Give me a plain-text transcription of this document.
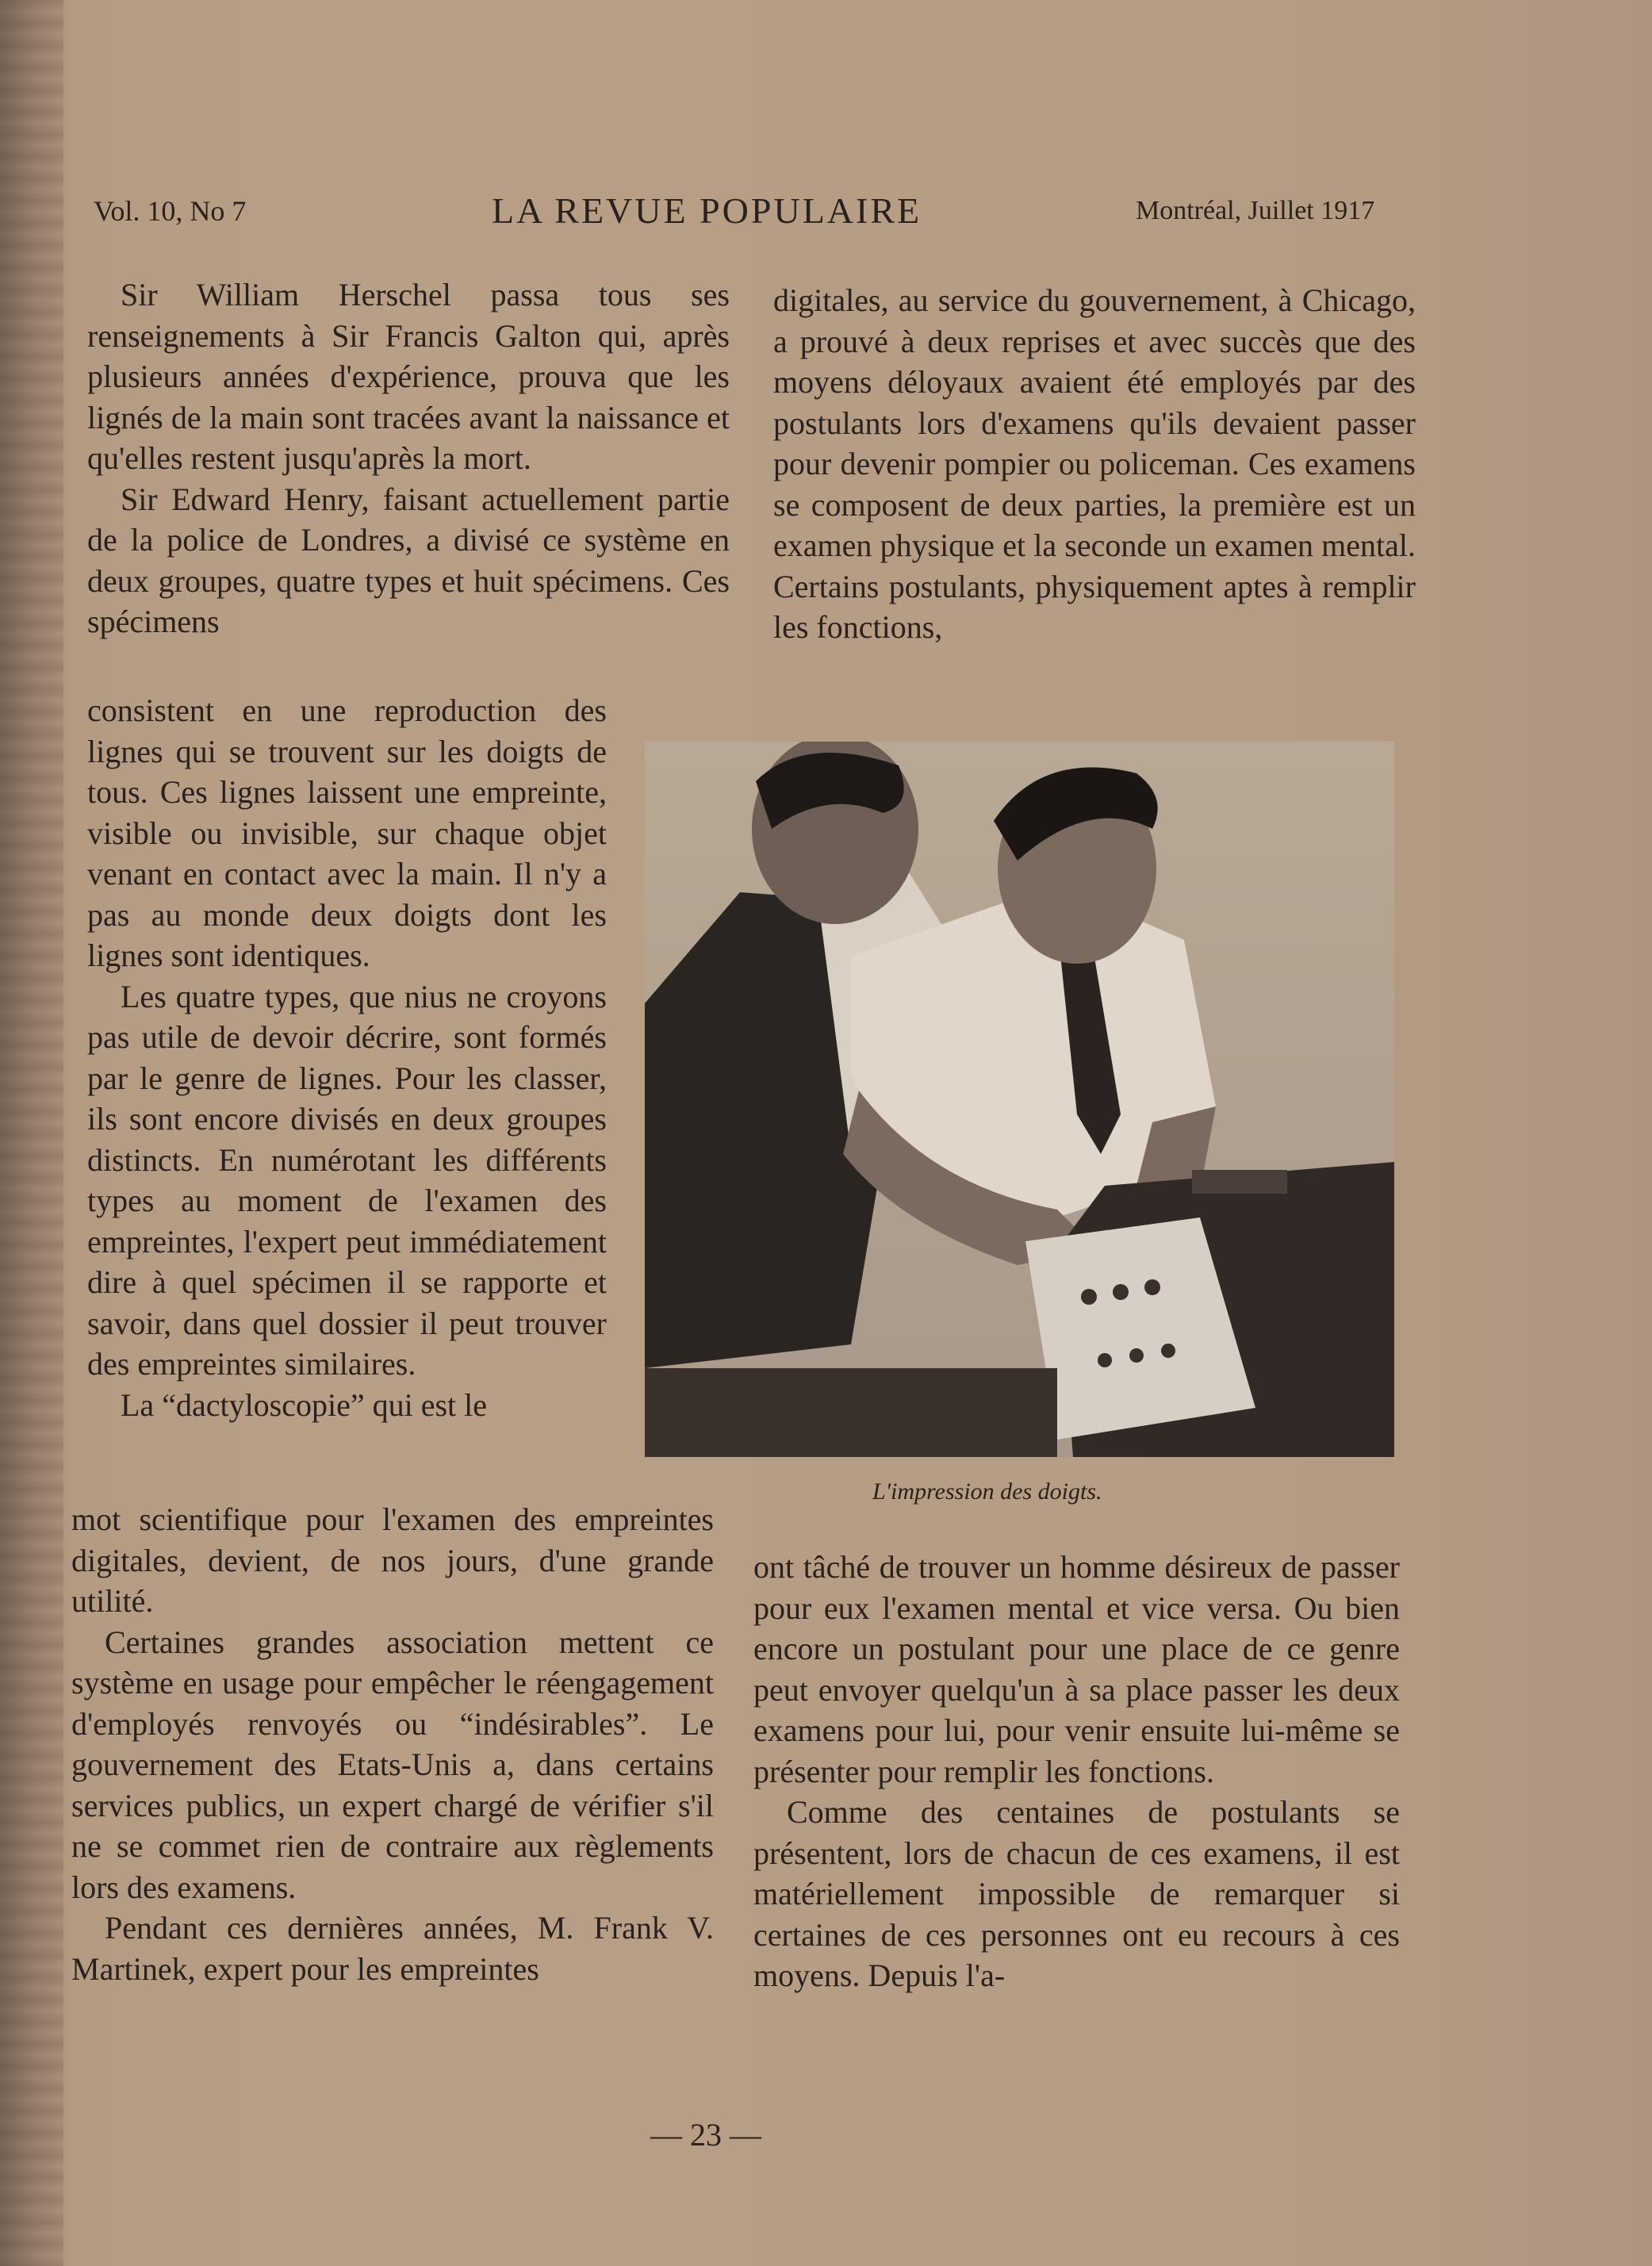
Vol. 10, No 7	LA REVUE POPULAIRE	Montréal, Juillet 1917

Sir William Herschel passa tous ses renseignements à Sir Francis Galton qui, après plusieurs années d'expérience, prouva que les lignés de la main sont tracées avant la naissance et qu'elles restent jusqu'après la mort.

Sir Edward Henry, faisant actuellement partie de la police de Londres, a divisé ce système en deux groupes, quatre types et huit spécimens. Ces spécimens

consistent en une reproduction des lignes qui se trouvent sur les doigts de tous. Ces lignes laissent une empreinte, visible ou invisible, sur chaque objet venant en contact avec la main. Il n'y a pas au monde deux doigts dont les lignes sont identiques.

Les quatre types, que nius ne croyons pas utile de devoir décrire, sont formés par le genre de lignes. Pour les classer, ils sont encore divisés en deux groupes distincts. En numérotant les différents types au moment de l'examen des empreintes, l'expert peut immédiatement dire à quel spécimen il se rapporte et savoir, dans quel dossier il peut trouver des empreintes similaires.

La “dactyloscopie” qui est le

mot scientifique pour l'examen des empreintes digitales, devient, de nos jours, d'une grande utilité.

Certaines grandes association mettent ce système en usage pour empêcher le réengagement d'employés renvoyés ou “indésirables”. Le gouvernement des Etats-Unis a, dans certains services publics, un expert chargé de vérifier s'il ne se commet rien de contraire aux règlements lors des examens.

Pendant ces dernières années, M. Frank V. Martinek, expert pour les empreintes

digitales, au service du gouvernement, à Chicago, a prouvé à deux reprises et avec succès que des moyens déloyaux avaient été employés par des postulants lors d'examens qu'ils devaient passer pour devenir pompier ou policeman. Ces examens se composent de deux parties, la première est un examen physique et la seconde un examen mental. Certains postulants, physiquement aptes à remplir les fonctions,

L'impression des doigts.

ont tâché de trouver un homme désireux de passer pour eux l'examen mental et vice versa. Ou bien encore un postulant pour une place de ce genre peut envoyer quelqu'un à sa place passer les deux examens pour lui, pour venir ensuite lui-même se présenter pour remplir les fonctions.

Comme des centaines de postulants se présentent, lors de chacun de ces examens, il est matériellement impossible de remarquer si certaines de ces personnes ont eu recours à ces moyens. Depuis l'a-

— 23 —
